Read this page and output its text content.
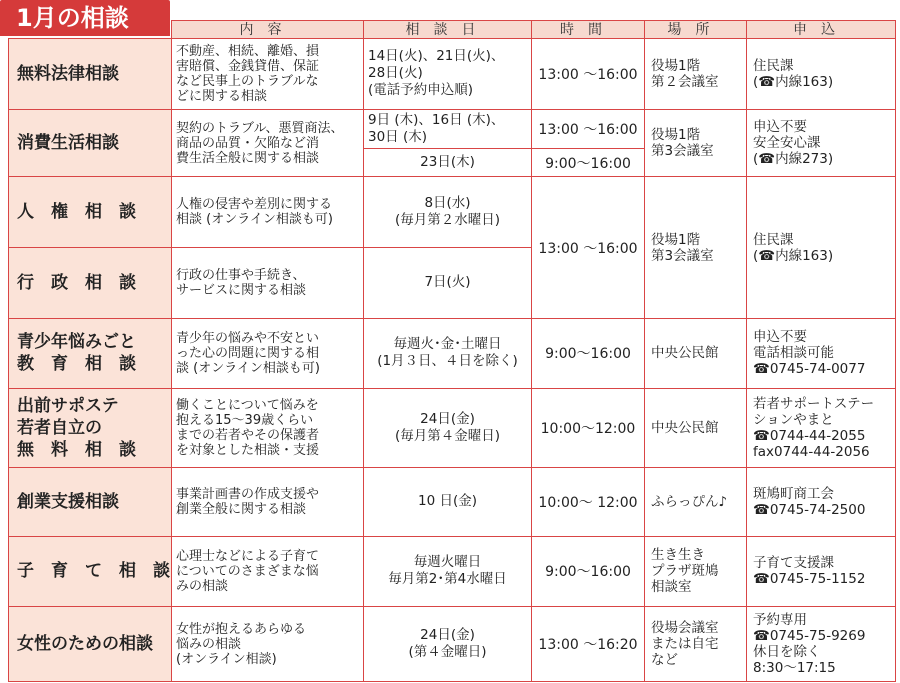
1月の相談
		内容	相談日	時間	場所	申込

無料法律相談	不動産、相続、離婚、損
害賠償、金銭貸借、保証
など民事上のトラブルな
どに関する相談	14日(火)、21日(火)、
28日(火)
(電話予約申込順)	13:00 〜16:00	役場1階
第２会議室	住民課
(☎内線163)

消費生活相談	契約のトラブル、悪質商法、
商品の品質・欠陥など消
費生活全般に関する相談	9日 (木)、16日 (木)、
30日 (木)	13:00 〜16:00	役場1階
第3会議室	申込不要
安全安心課
(☎内線273)

		23日(木)	9:00〜16:00		

人　権　相　談	人権の侵害や差別に関する
相談 (オンライン相談も可)	8日(水)
(毎月第２水曜日)	13:00 〜16:00	役場1階
第3会議室	住民課
(☎内線163)

行　政　相　談	行政の仕事や手続き、
サービスに関する相談	7日(火)			

青少年悩みごと
教　育　相　談	青少年の悩みや不安とい
った心の問題に関する相
談 (オンライン相談も可)	毎週火･金･土曜日
(1月３日、４日を除く)	9:00〜16:00	中央公民館	申込不要
電話相談可能
☎0745-74-0077

出前サポステ
若者自立の
無　料　相　談	働くことについて悩みを
抱える15〜39歳くらい
までの若者やその保護者
を対象とした相談・支援	24日(金)
(毎月第４金曜日)	10:00〜12:00	中央公民館	若者サポートステー
ションやまと
☎0744-44-2055
fax0744-44-2056

創業支援相談	事業計画書の作成支援や
創業全般に関する相談	10 日(金)	10:00〜 12:00	ふらっぴん♪	斑鳩町商工会
☎0745-74-2500

子　育　て　相　談	心理士などによる子育て
についてのさまざまな悩
みの相談	毎週火曜日
毎月第2･第4水曜日	9:00〜16:00	生き生き
プラザ斑鳩
相談室	子育て支援課
☎0745-75-1152

女性のための相談	女性が抱えるあらゆる
悩みの相談
(オンライン相談)	24日(金)
(第４金曜日)	13:00 〜16:20	役場会議室
または自宅
など	予約専用
☎0745-75-9269
休日を除く
8:30〜17:15
